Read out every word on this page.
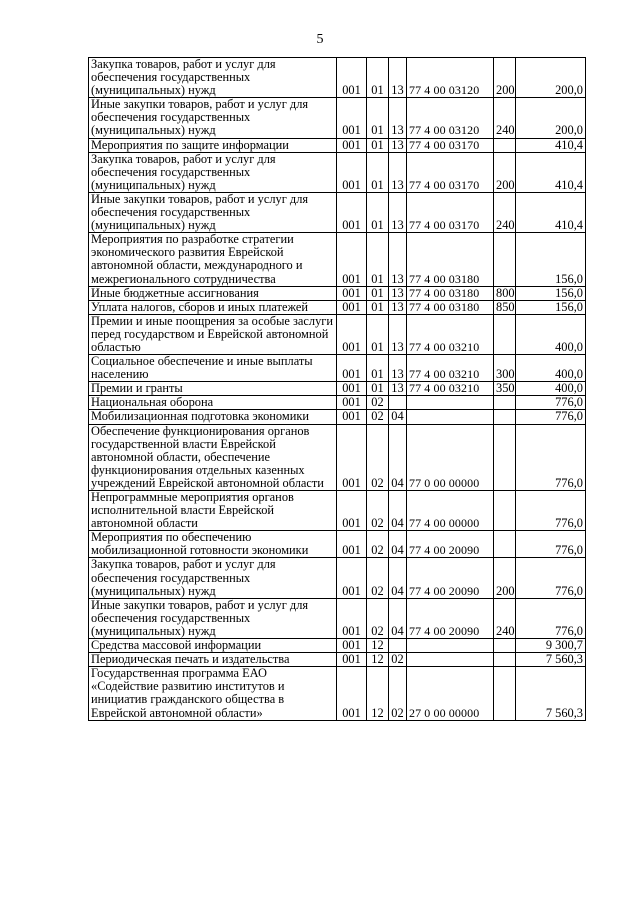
5
Закупка товаров, работ и услуг для обеспечения государственных (муниципальных) нужд	001	01	13	77 4 00 03120	200	200,0
Иные закупки товаров, работ и услуг для обеспечения государственных (муниципальных) нужд	001	01	13	77 4 00 03120	240	200,0
Мероприятия по защите информации	001	01	13	77 4 00 03170		410,4
Закупка товаров, работ и услуг для обеспечения государственных (муниципальных) нужд	001	01	13	77 4 00 03170	200	410,4
Иные закупки товаров, работ и услуг для обеспечения государственных (муниципальных) нужд	001	01	13	77 4 00 03170	240	410,4
Мероприятия по разработке стратегии экономического развития Еврейской автономной области, международного и межрегионального сотрудничества	001	01	13	77 4 00 03180		156,0
Иные бюджетные ассигнования	001	01	13	77 4 00 03180	800	156,0
Уплата налогов, сборов и иных платежей	001	01	13	77 4 00 03180	850	156,0
Премии и иные поощрения за особые заслуги перед государством и Еврейской автономной областью	001	01	13	77 4 00 03210		400,0
Социальное обеспечение и иные выплаты населению	001	01	13	77 4 00 03210	300	400,0
Премии и гранты	001	01	13	77 4 00 03210	350	400,0
Национальная оборона	001	02				776,0
Мобилизационная подготовка экономики	001	02	04			776,0
Обеспечение функционирования органов государственной власти Еврейской автономной области, обеспечение функционирования отдельных казенных учреждений Еврейской автономной области	001	02	04	77 0 00 00000		776,0
Непрограммные мероприятия органов исполнительной власти Еврейской автономной области	001	02	04	77 4 00 00000		776,0
Мероприятия по обеспечению мобилизационной готовности экономики	001	02	04	77 4 00 20090		776,0
Закупка товаров, работ и услуг для обеспечения государственных (муниципальных) нужд	001	02	04	77 4 00 20090	200	776,0
Иные закупки товаров, работ и услуг для обеспечения государственных (муниципальных) нужд	001	02	04	77 4 00 20090	240	776,0
Средства массовой информации	001	12				9 300,7
Периодическая печать и издательства	001	12	02			7 560,3
Государственная программа ЕАО «Содействие развитию институтов и инициатив гражданского общества в Еврейской автономной области»	001	12	02	27 0 00 00000		7 560,3
